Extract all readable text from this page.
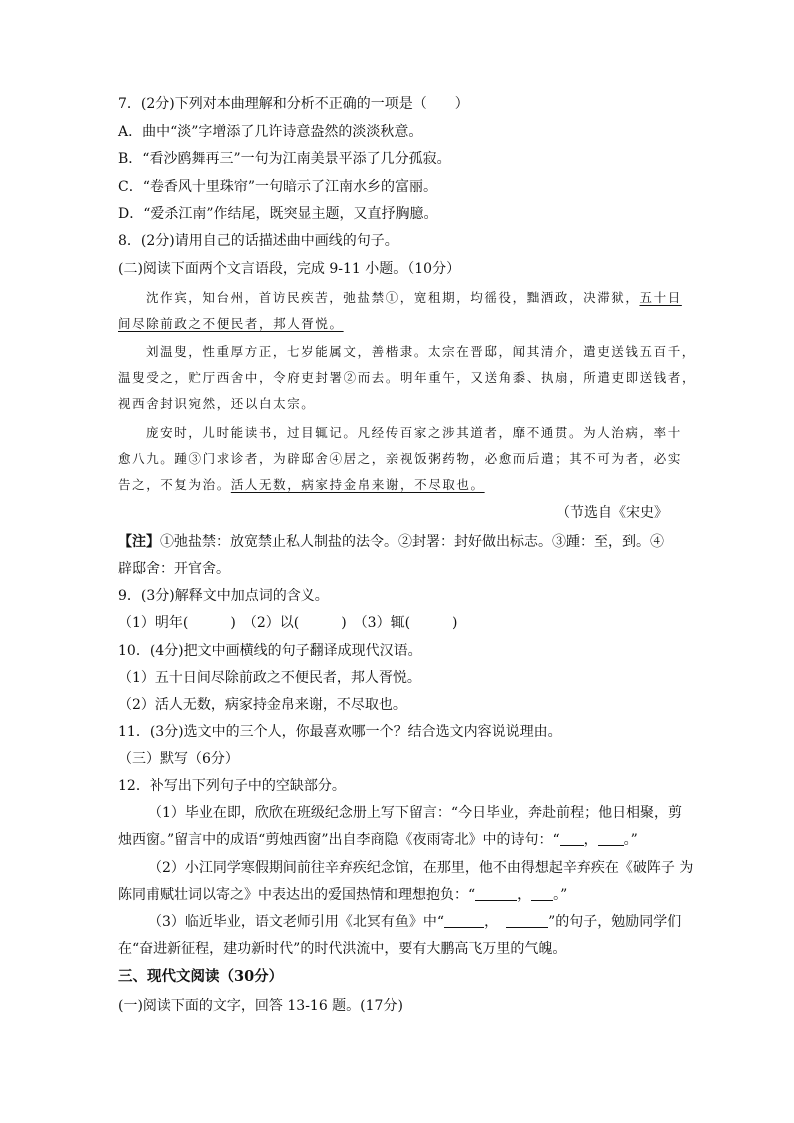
7．(2分)下列对本曲理解和分析不正确的一项是（　　）
A．曲中“淡”字增添了几许诗意盎然的淡淡秋意。
B．“看沙鸥舞再三”一句为江南美景平添了几分孤寂。
C．“卷香风十里珠帘”一句暗示了江南水乡的富丽。
D．“爱杀江南”作结尾，既突显主题，又直抒胸臆。
8．(2分)请用自己的话描述曲中画线的句子。
(二)阅读下面两个文言语段，完成 9-11 小题。（10分）
沈作宾，知台州，首访民疾苦，弛盐禁①，宽租期，均徭役，黜酒政，决滞狱，五十日
间尽除前政之不便民者，邦人胥悦。
刘温叟，性重厚方正，七岁能属文，善楷隶。太宗在晋邸，闻其清介，遣吏送钱五百千，
温叟受之，贮厅西舍中，令府吏封署②而去。明年重午，又送角黍、执扇，所遣吏即送钱者，
视西舍封识宛然，还以白太宗。
庞安时，儿时能读书，过目辄记。凡经传百家之涉其道者，靡不通贯。为人治病，率十
愈八九。踵③门求诊者，为辟邸舍④居之，亲视饭粥药物，必愈而后遣；其不可为者，必实
告之，不复为治。活人无数，病家持金帛来谢，不尽取也。
（节选自《宋史》
【注】①弛盐禁：放宽禁止私人制盐的法令。②封署：封好做出标志。③踵：至，到。④
辟邸舍：开官舍。
9．(3分)解释文中加点词的含义。
（1）明年(　　　)　（2）以(　　　)　（3）辄(　　　)
10．(4分)把文中画横线的句子翻译成现代汉语。
（1）五十日间尽除前政之不便民者，邦人胥悦。
（2）活人无数，病家持金帛来谢，不尽取也。
11．(3分)选文中的三个人，你最喜欢哪一个？结合选文内容说说理由。
（三）默写（6分）
12．补写出下列句子中的空缺部分。
（1）毕业在即，欣欣在班级纪念册上写下留言：“今日毕业，奔赴前程；他日相聚，剪
烛西窗。”留言中的成语“剪烛西窗”出自李商隐《夜雨寄北》中的诗句：“ ， 。”
（2）小江同学寒假期间前往辛弃疾纪念馆，在那里，他不由得想起辛弃疾在《破阵子 为
陈同甫赋壮词以寄之》中表达出的爱国热情和理想抱负：“	， 。”
（3）临近毕业，语文老师引用《北冥有鱼》中“	，	”的句子，勉励同学们
在“奋进新征程，建功新时代”的时代洪流中，要有大鹏高飞万里的气魄。
三、现代文阅读（30分）
(一)阅读下面的文字，回答 13-16 题。(17分)
